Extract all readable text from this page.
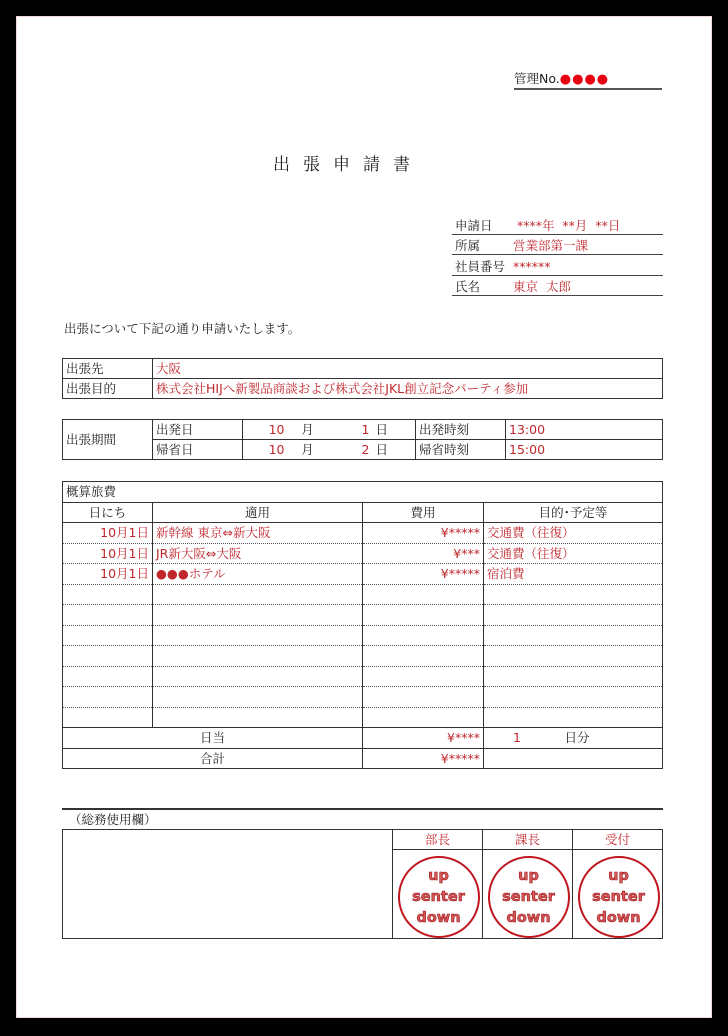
管理No.●●●●
出張申請書
申請日	****年  **月  **日
所属	営業部第一課
社員番号 ******
氏名	東京  太郎
出張について下記の通り申請いたします。
出張先	大阪
出張目的	株式会社HIJへ新製品商談および株式会社JKL創立記念パーティ参加
出張期間	出発日	10	月	1	日	出発時刻	13:00
	帰省日	10	月	2	日	帰省時刻	15:00
概算旅費			
日にち	適用	費用	目的･予定等
10月1日	新幹線 東京⇔新大阪	¥*****	交通費（往復）
10月1日	JR新大阪⇔大阪	¥***	交通費（往復）
10月1日	●●●ホテル	¥*****	宿泊費

日当		¥****	1 日分
合計		¥*****	
（総務使用欄）
	部長	課長	受付

	up
senter
down	up
senter
down	up
senter
down
